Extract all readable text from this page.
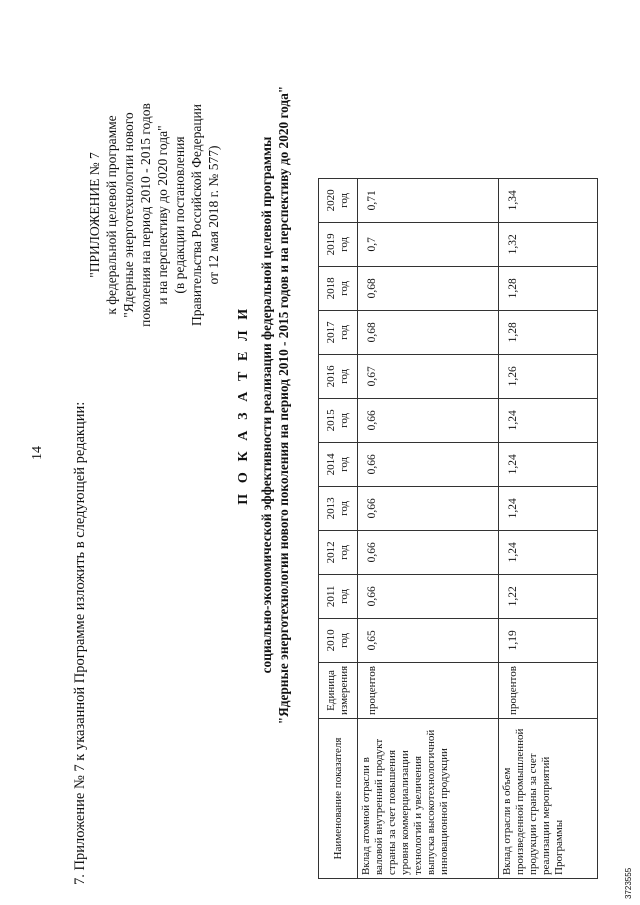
14 7. Приложение № 7 к указанной Программе изложить в следующей редакции:
"ПРИЛОЖЕНИЕ № 7 к федеральной целевой программе "Ядерные энерготехнологии нового поколения на период 2010 - 2015 годов и на перспективу до 2020 года" (в редакции постановления Правительства Российской Федерации от 12 мая 2018 г. № 577)
П О К А З А Т Е Л И социально-экономической эффективности реализации федеральной целевой программы "Ядерные энерготехнологии нового поколения на период 2010 - 2015 годов и на перспективу до 2020 года"
Наименование показателя	Единица измерения	2010 год	2011 год	2012 год	2013 год	2014 год	2015 год	2016 год	2017 год	2018 год	2019 год	2020 год
Вклад атомной отрасли в валовой внутренний продукт страны за счет повышения уровня коммерциализации технологий и увеличения выпуска высокотехнологичной инновационной продукции	процентов	0,65	0,66	0,66	0,66	0,66	0,66	0,67	0,68	0,68	0,7	0,71
Вклад отрасли в объем произведенной промышленной продукции страны за счет реализации мероприятий Программы	процентов	1,19	1,22	1,24	1,24	1,24	1,24	1,26	1,28	1,28	1,32	1,34
3723555
